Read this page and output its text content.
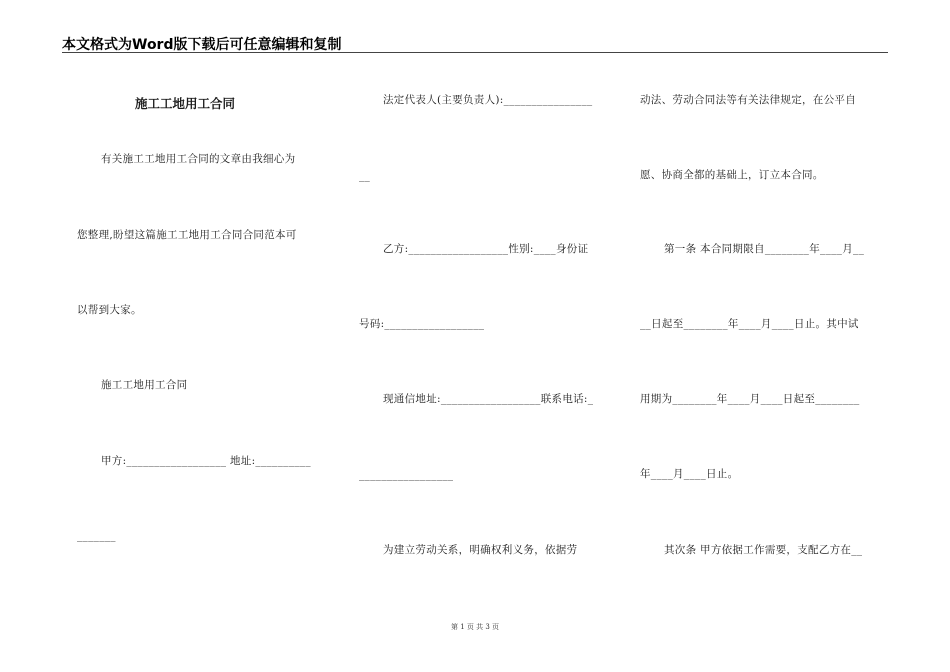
本文格式为Word版下载后可任意编辑和复制
施工工地用工合同
有关施工工地用工合同的文章由我细心为
您整理,盼望这篇施工工地用工合同合同范本可
以帮到大家。
施工工地用工合同
甲方:__________________ 地址:__________
_______
法定代表人(主要负责人):________________
__
乙方:__________________性别:____身份证
号码:__________________
现通信地址:__________________联系电话:_
_________________
为建立劳动关系，明确权利义务，依据劳
动法、劳动合同法等有关法律规定，在公平自
愿、协商全都的基础上，订立本合同。
第一条 本合同期限自________年____月__
__日起至________年____月____日止。其中试
用期为________年____月____日起至________
年____月____日止。
其次条 甲方依据工作需要，支配乙方在__
第 1 页 共 3 页
